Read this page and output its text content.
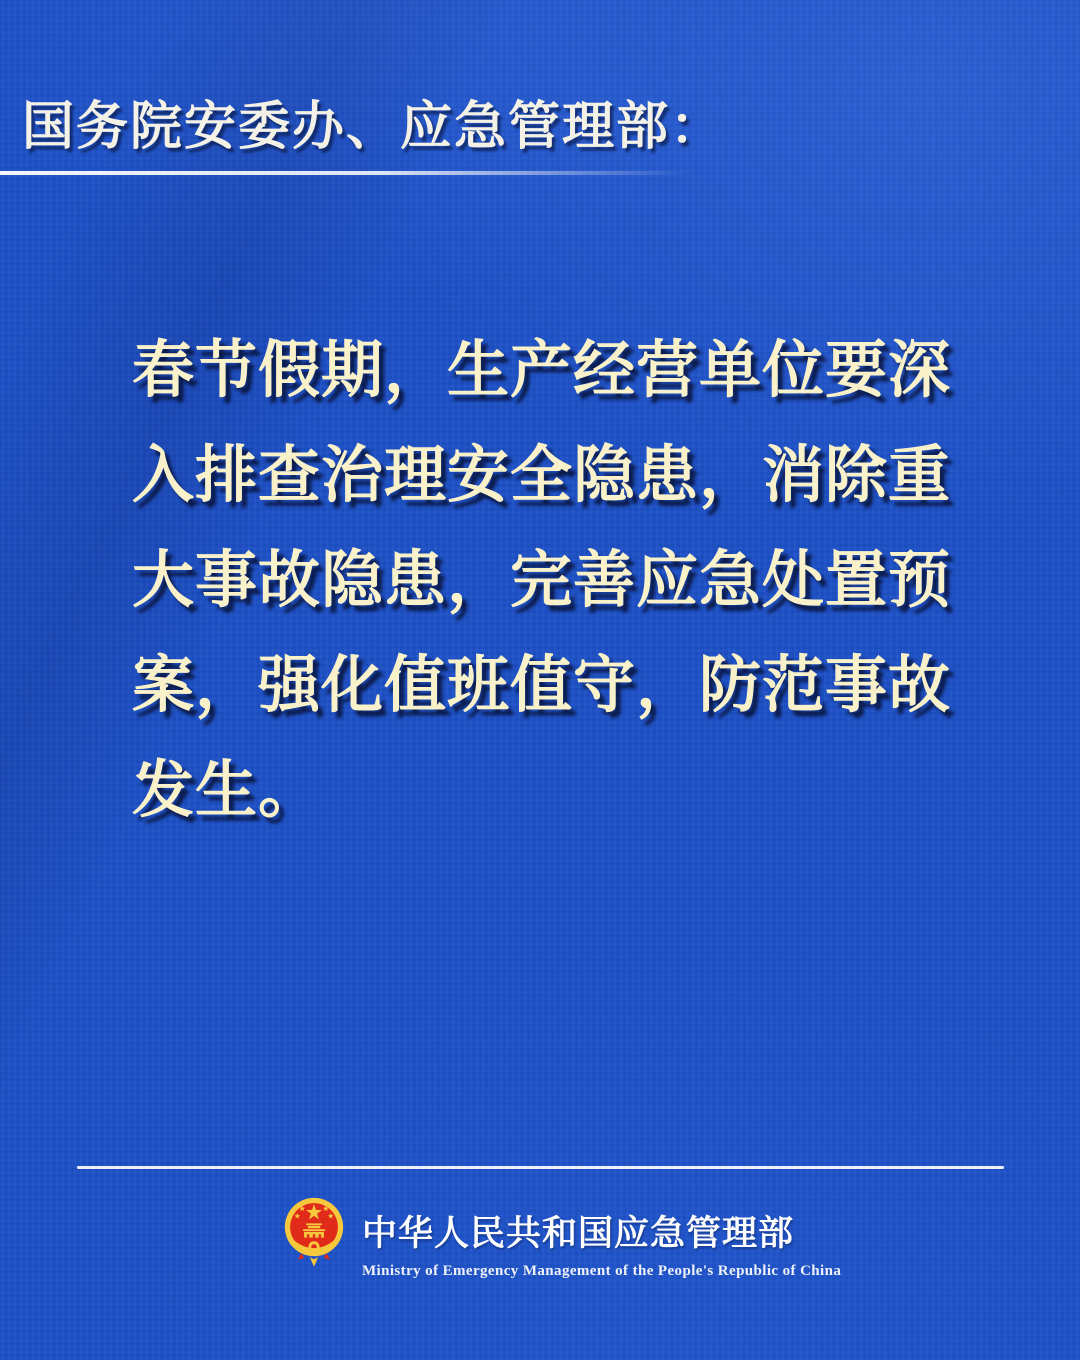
国务院安委办、应急管理部：
春节假期，生产经营单位要深
入排查治理安全隐患，消除重
大事故隐患，完善应急处置预
案，强化值班值守，防范事故
发生。
中华人民共和国应急管理部
Ministry of Emergency Management of the People's Republic of China
